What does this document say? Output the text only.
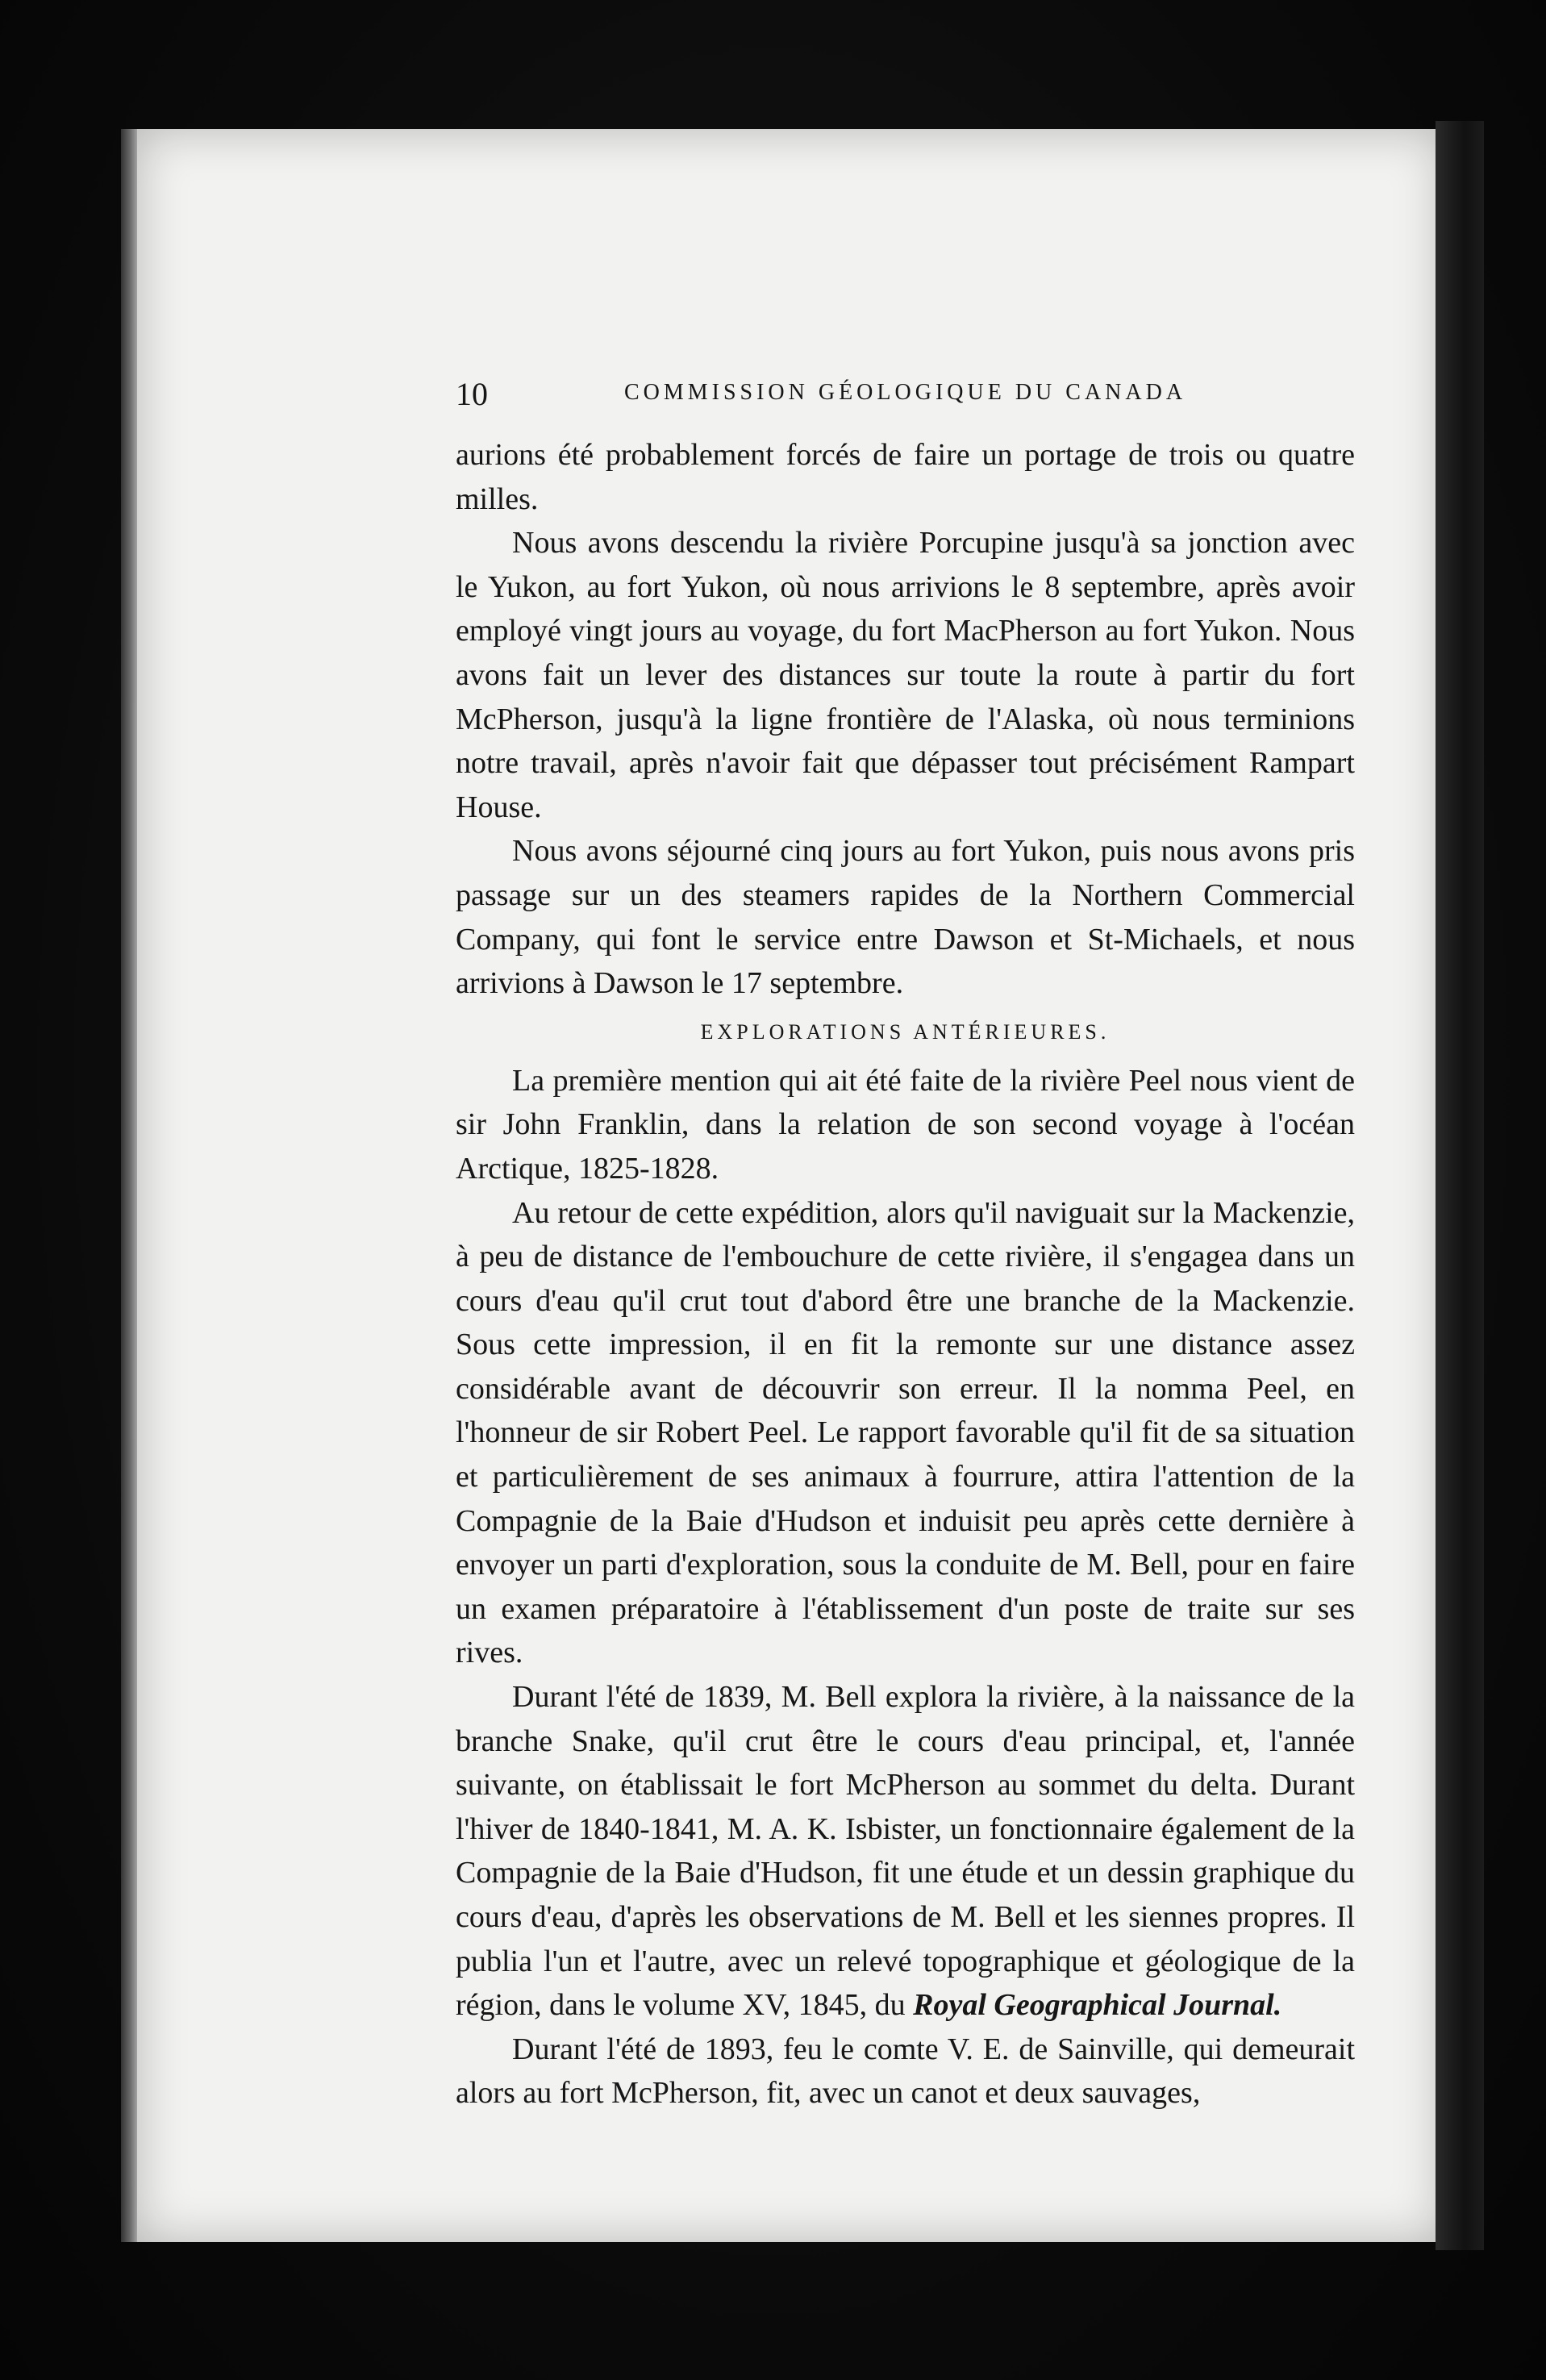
10	COMMISSION GÉOLOGIQUE DU CANADA

aurions été probablement forcés de faire un portage de trois ou quatre milles.

Nous avons descendu la rivière Porcupine jusqu'à sa jonction avec le Yukon, au fort Yukon, où nous arrivions le 8 septembre, après avoir employé vingt jours au voyage, du fort MacPherson au fort Yukon. Nous avons fait un lever des distances sur toute la route à partir du fort McPherson, jusqu'à la ligne frontière de l'Alaska, où nous terminions notre travail, après n'avoir fait que dépasser tout précisément Rampart House.

Nous avons séjourné cinq jours au fort Yukon, puis nous avons pris passage sur un des steamers rapides de la Northern Commercial Company, qui font le service entre Dawson et St-Michaels, et nous arrivions à Dawson le 17 septembre.

EXPLORATIONS ANTÉRIEURES.

La première mention qui ait été faite de la rivière Peel nous vient de sir John Franklin, dans la relation de son second voyage à l'océan Arctique, 1825-1828.

Au retour de cette expédition, alors qu'il naviguait sur la Mackenzie, à peu de distance de l'embouchure de cette rivière, il s'engagea dans un cours d'eau qu'il crut tout d'abord être une branche de la Mackenzie. Sous cette impression, il en fit la remonte sur une distance assez considérable avant de découvrir son erreur. Il la nomma Peel, en l'honneur de sir Robert Peel. Le rapport favorable qu'il fit de sa situation et particulièrement de ses animaux à fourrure, attira l'attention de la Compagnie de la Baie d'Hudson et induisit peu après cette dernière à envoyer un parti d'exploration, sous la conduite de M. Bell, pour en faire un examen préparatoire à l'établissement d'un poste de traite sur ses rives.

Durant l'été de 1839, M. Bell explora la rivière, à la naissance de la branche Snake, qu'il crut être le cours d'eau principal, et, l'année suivante, on établissait le fort McPherson au sommet du delta. Durant l'hiver de 1840-1841, M. A. K. Isbister, un fonctionnaire également de la Compagnie de la Baie d'Hudson, fit une étude et un dessin graphique du cours d'eau, d'après les observations de M. Bell et les siennes propres. Il publia l'un et l'autre, avec un relevé topographique et géologique de la région, dans le volume XV, 1845, du Royal Geographical Journal.

Durant l'été de 1893, feu le comte V. E. de Sainville, qui demeurait alors au fort McPherson, fit, avec un canot et deux sauvages,
